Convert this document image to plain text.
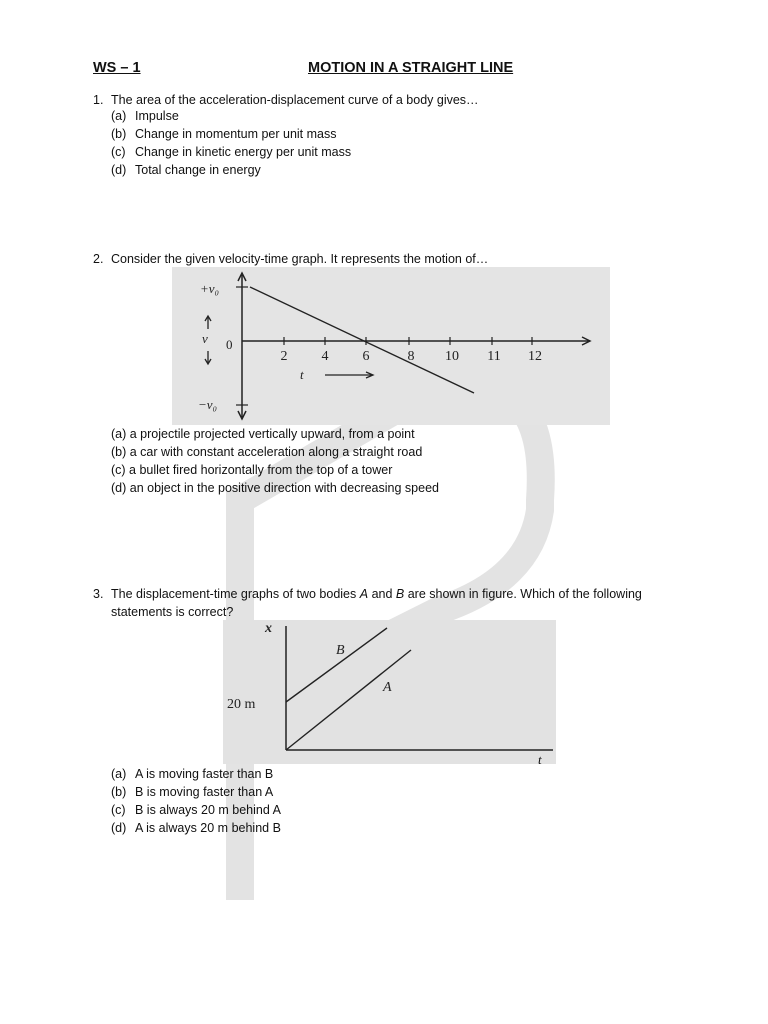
WS – 1	MOTION IN A STRAIGHT LINE
1. The area of the acceleration-displacement curve of a body gives…
(a) Impulse
(b) Change in momentum per unit mass
(c) Change in kinetic energy per unit mass
(d) Total change in energy
2. Consider the given velocity-time graph. It represents the motion of…
2 4 6	8 10 11 12
+v₀
−v₀
0
v
t
(a) a projectile projected vertically upward, from a point
(b) a car with constant acceleration along a straight road
(c) a bullet fired horizontally from the top of a tower
(d) an object in the positive direction with decreasing speed
3. The displacement-time graphs of two bodies A and B are shown in figure. Which of the following
statements is correct?
x
20 m
B
A
t
(a) A is moving faster than B
(b) B is moving faster than A
(c) B is always 20 m behind A
(d) A is always 20 m behind B
